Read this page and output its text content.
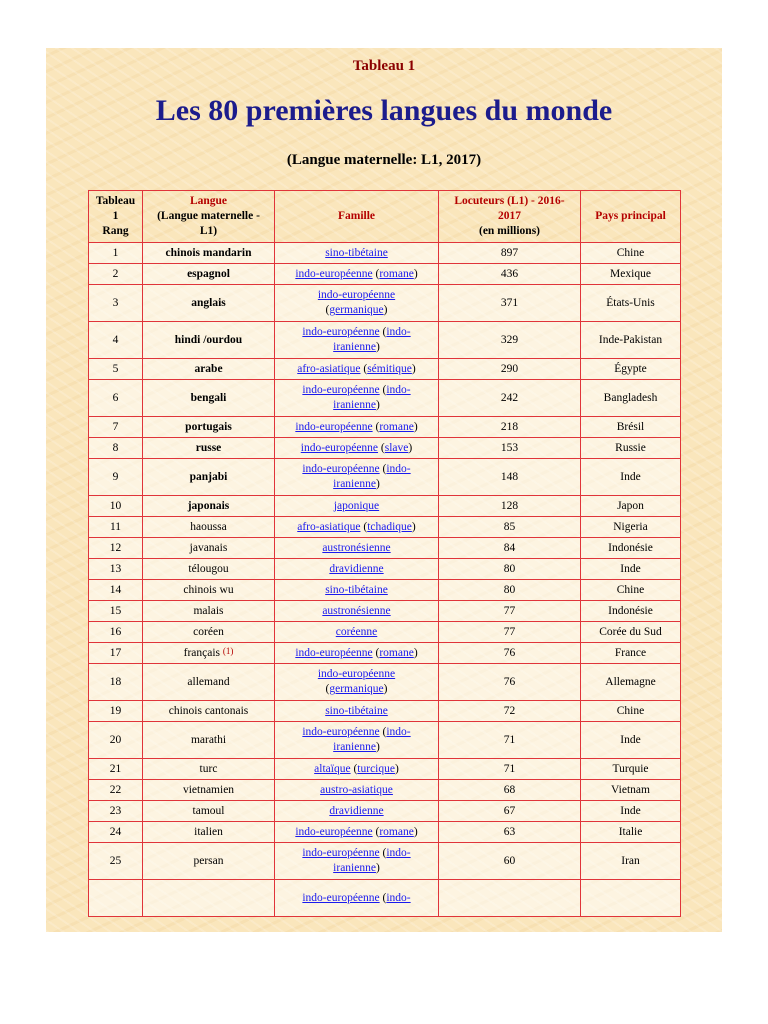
Tableau 1
Les 80 premières langues du monde
(Langue maternelle: L1, 2017)
Tableau
1
Rang	Langue
(Langue maternelle -
L1)	Famille	Locuteurs (L1) - 2016-
2017
(en millions)	Pays principal
1	chinois mandarin	sino-tibétaine	897	Chine
2	espagnol	indo-européenne (romane)	436	Mexique
3	anglais	indo-européenne
(germanique)	371	États-Unis
4	hindi /ourdou	indo-européenne (indo-
iranienne)	329	Inde-Pakistan
5	arabe	afro-asiatique (sémitique)	290	Égypte
6	bengali	indo-européenne (indo-
iranienne)	242	Bangladesh
7	portugais	indo-européenne (romane)	218	Brésil
8	russe	indo-européenne (slave)	153	Russie
9	panjabi	indo-européenne (indo-
iranienne)	148	Inde
10	japonais	japonique	128	Japon
11	haoussa	afro-asiatique (tchadique)	85	Nigeria
12	javanais	austronésienne	84	Indonésie
13	télougou	dravidienne	80	Inde
14	chinois wu	sino-tibétaine	80	Chine
15	malais	austronésienne	77	Indonésie
16	coréen	coréenne	77	Corée du Sud
17	français $^{(1)}$	indo-européenne (romane)	76	France
18	allemand	indo-européenne
(germanique)	76	Allemagne
19	chinois cantonais	sino-tibétaine	72	Chine
20	marathi	indo-européenne (indo-
iranienne)	71	Inde
21	turc	altaïque (turcique)	71	Turquie
22	vietnamien	austro-asiatique	68	Vietnam
23	tamoul	dravidienne	67	Inde
24	italien	indo-européenne (romane)	63	Italie
25	persan	indo-européenne (indo-
iranienne)	60	Iran
		indo-européenne (indo-
